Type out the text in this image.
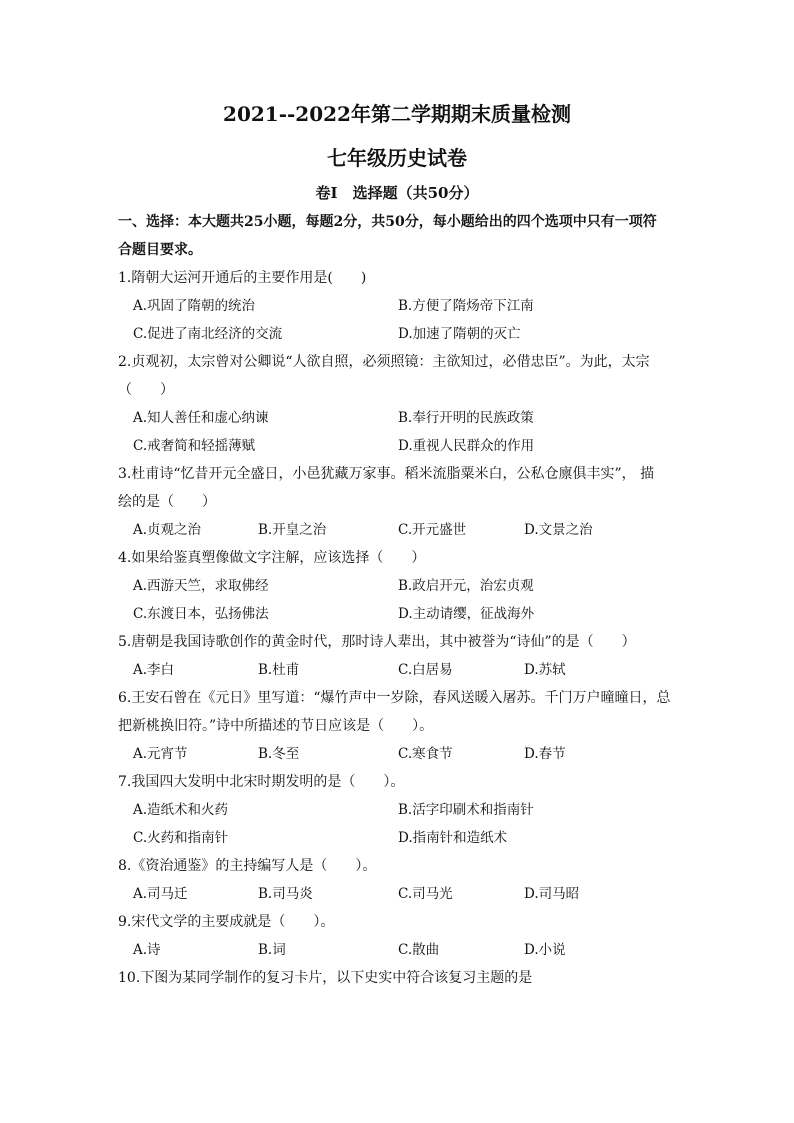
2021--2022年第二学期期末质量检测
七年级历史试卷
卷Ⅰ　选择题（共50分）
一、选择：本大题共25小题，每题2分，共50分，每小题给出的四个选项中只有一项符
合题目要求。
1.隋朝大运河开通后的主要作用是(　　)
A.巩固了隋朝的统治	B.方便了隋炀帝下江南
C.促进了南北经济的交流	D.加速了隋朝的灭亡
2.贞观初，太宗曾对公卿说“人欲自照，必须照镜：主欲知过，必借忠臣”。为此，太宗
（　　）
A.知人善任和虚心纳谏	B.奉行开明的民族政策
C.戒奢简和轻摇薄赋	D.重视人民群众的作用
3.杜甫诗“忆昔开元全盛日，小邑犹藏万家事。稻米流脂粟米白，公私仓廪俱丰实”， 描
绘的是（　　）
A.贞观之治	B.开皇之治	C.开元盛世	D.文景之治
4.如果给鉴真塑像做文字注解，应该选择（　　）
A.西游天竺，求取佛经	B.政启开元，治宏贞观
C.东渡日本，弘扬佛法	D.主动请缨，征战海外
5.唐朝是我国诗歌创作的黄金时代，那时诗人辈出，其中被誉为“诗仙”的是（　　）
A.李白	B.杜甫	C.白居易	D.苏轼
6.王安石曾在《元日》里写道：“爆竹声中一岁除，春风送暖入屠苏。千门万户曈曈日，总
把新桃换旧符。”诗中所描述的节日应该是（　　）。
A.元宵节	B.冬至	C.寒食节	D.春节
7.我国四大发明中北宋时期发明的是（　　）。
A.造纸术和火药	B.活字印刷术和指南针
C.火药和指南针	D.指南针和造纸术
8.《资治通鉴》的主持编写人是（　　）。
A.司马迁	B.司马炎	C.司马光	D.司马昭
9.宋代文学的主要成就是（　　）。
A.诗	B.词	C.散曲	D.小说
10.下图为某同学制作的复习卡片，以下史实中符合该复习主题的是
